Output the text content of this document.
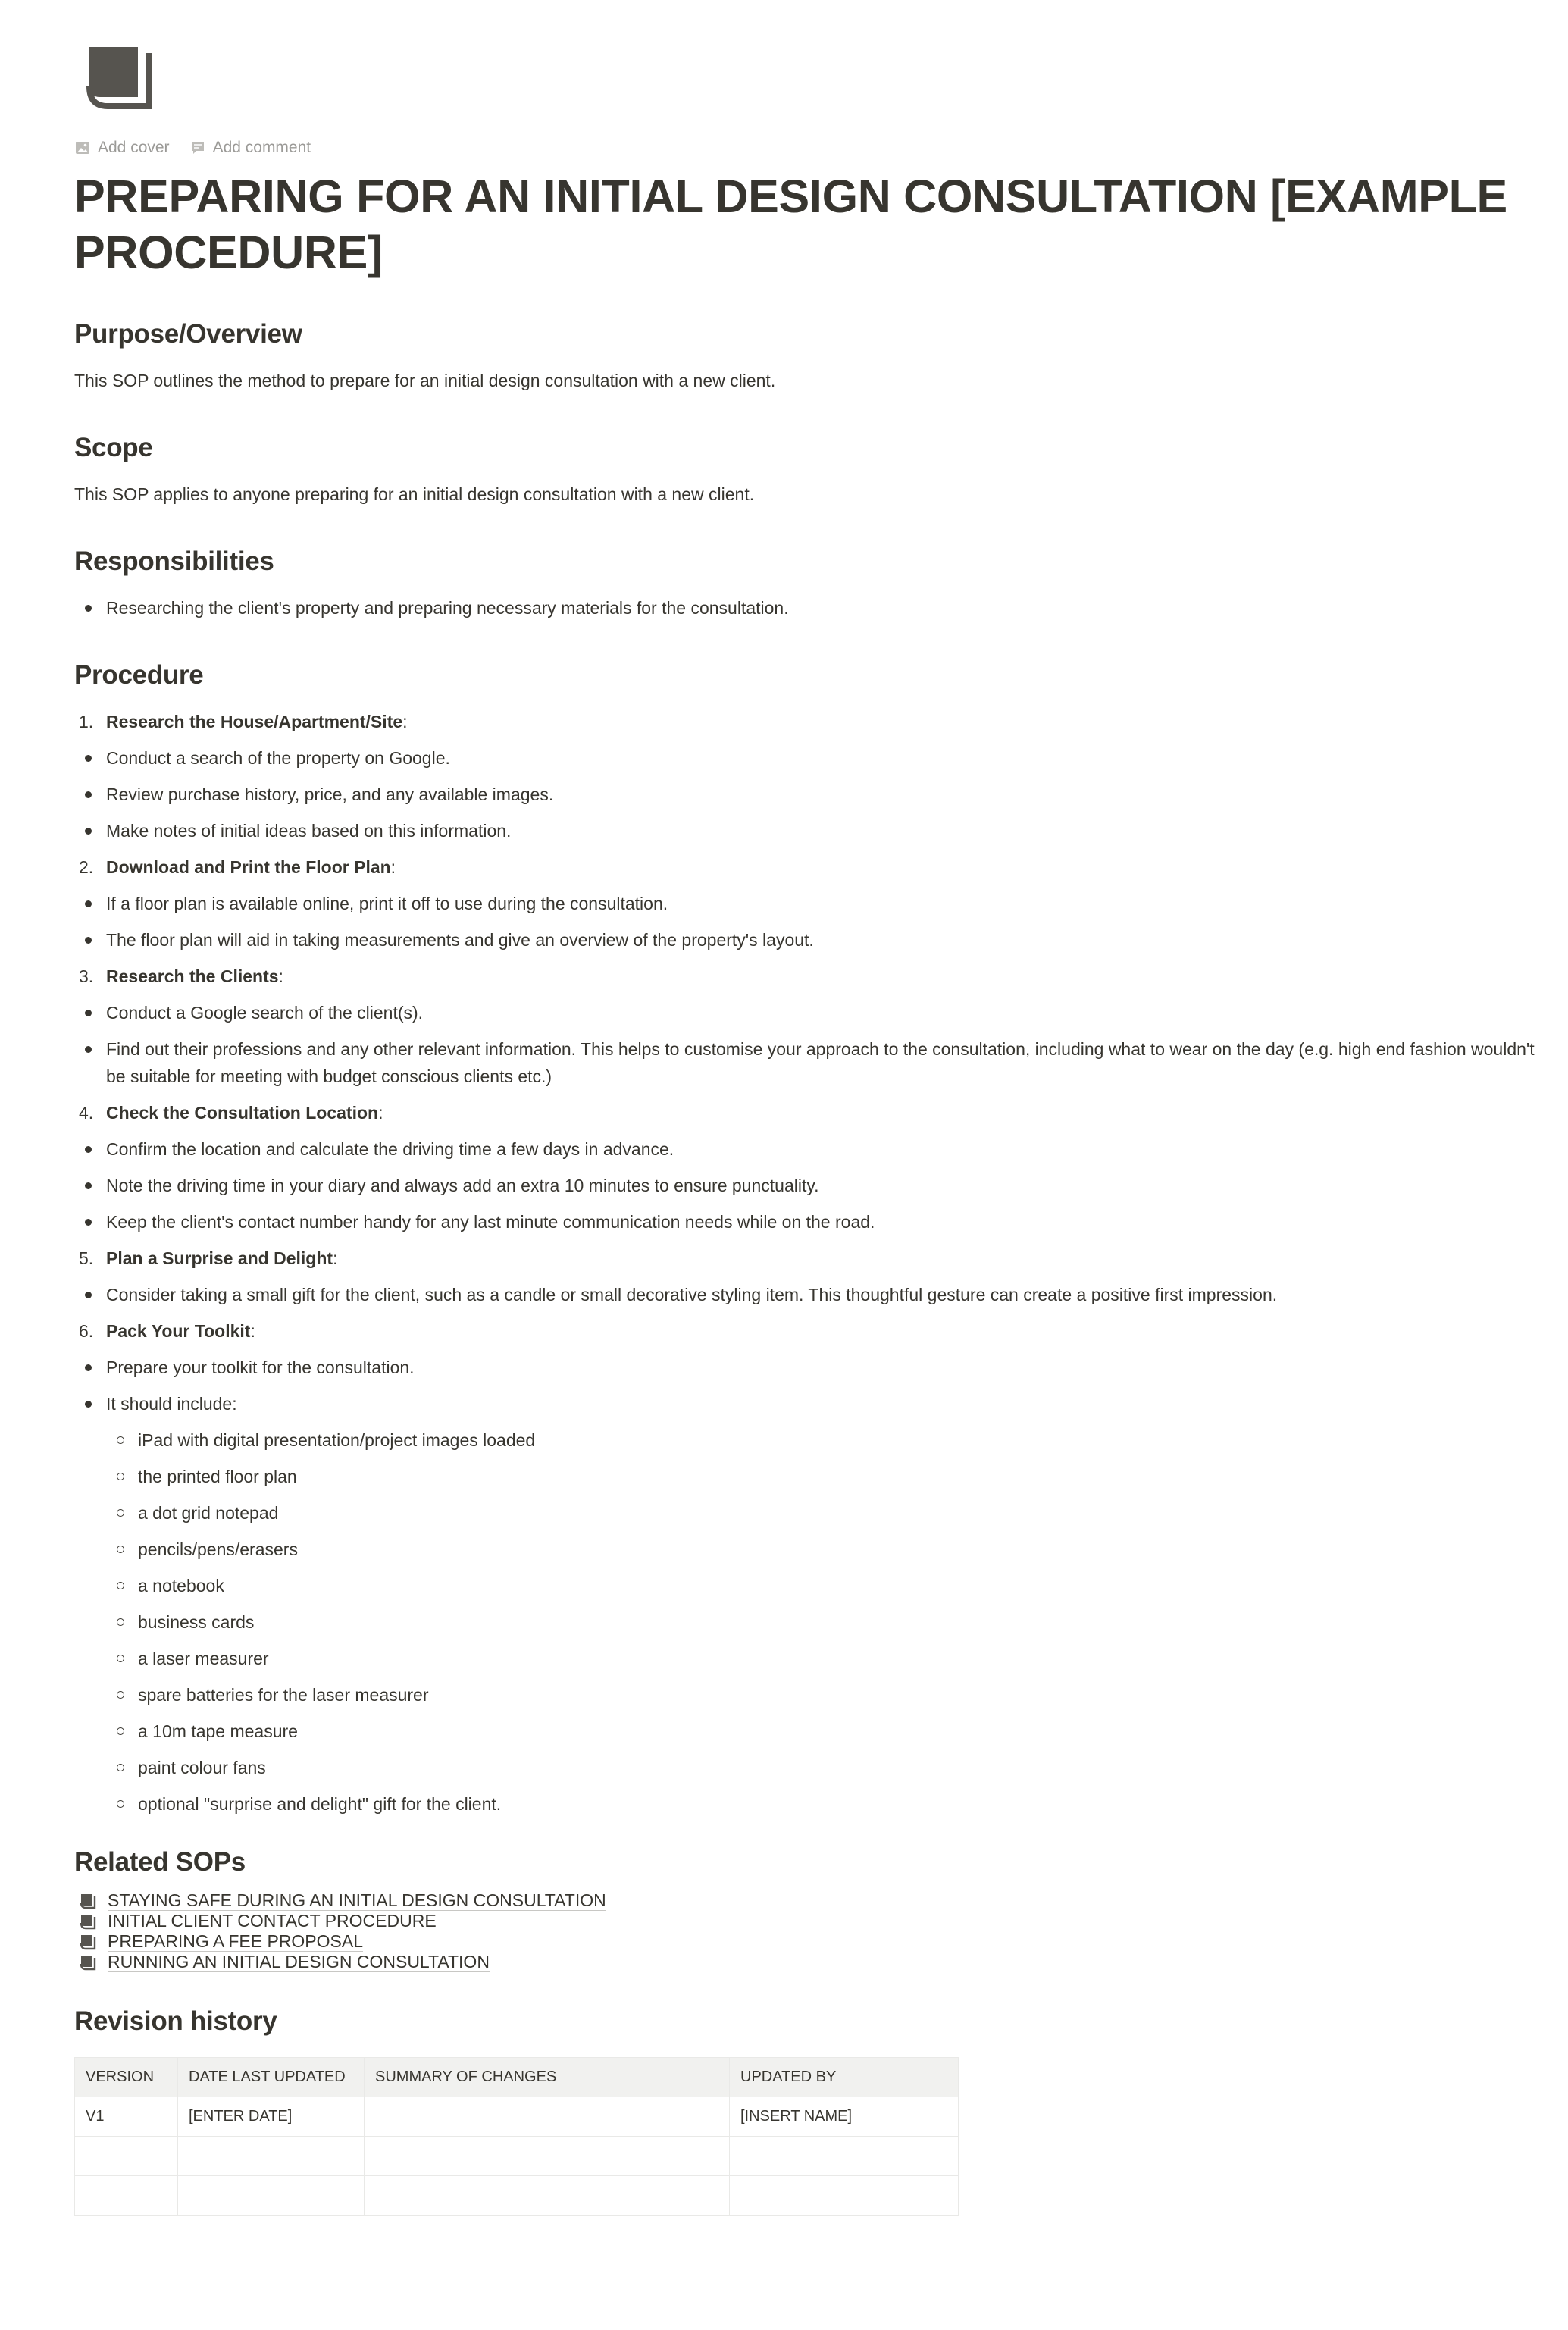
Add cover	Add comment
PREPARING FOR AN INITIAL DESIGN CONSULTATION [EXAMPLE PROCEDURE]
Purpose/Overview

This SOP outlines the method to prepare for an initial design consultation with a new client.

Scope

This SOP applies to anyone preparing for an initial design consultation with a new client.

Responsibilities
Researching the client's property and preparing necessary materials for the consultation.
Procedure
1. Research the House/Apartment/Site:
Conduct a search of the property on Google.
Review purchase history, price, and any available images.
Make notes of initial ideas based on this information.
2. Download and Print the Floor Plan:
If a floor plan is available online, print it off to use during the consultation.
The floor plan will aid in taking measurements and give an overview of the property's layout.
3. Research the Clients:
Conduct a Google search of the client(s).
Find out their professions and any other relevant information. This helps to customise your approach to the consultation, including what to wear on the day (e.g. high end fashion wouldn't be suitable for meeting with budget conscious clients etc.)
4. Check the Consultation Location:
Confirm the location and calculate the driving time a few days in advance.
Note the driving time in your diary and always add an extra 10 minutes to ensure punctuality.
Keep the client's contact number handy for any last minute communication needs while on the road.
5. Plan a Surprise and Delight:
Consider taking a small gift for the client, such as a candle or small decorative styling item. This thoughtful gesture can create a positive first impression.
6. Pack Your Toolkit:
Prepare your toolkit for the consultation.
It should include:
iPad with digital presentation/project images loaded
the printed floor plan
a dot grid notepad
pencils/pens/erasers
a notebook
business cards
a laser measurer
spare batteries for the laser measurer
a 10m tape measure
paint colour fans
optional "surprise and delight" gift for the client.
Related SOPs
STAYING SAFE DURING AN INITIAL DESIGN CONSULTATION
INITIAL CLIENT CONTACT PROCEDURE
PREPARING A FEE PROPOSAL
RUNNING AN INITIAL DESIGN CONSULTATION
Revision history
VERSION	DATE LAST UPDATED	SUMMARY OF CHANGES	UPDATED BY
V1	[ENTER DATE]		[INSERT NAME]
